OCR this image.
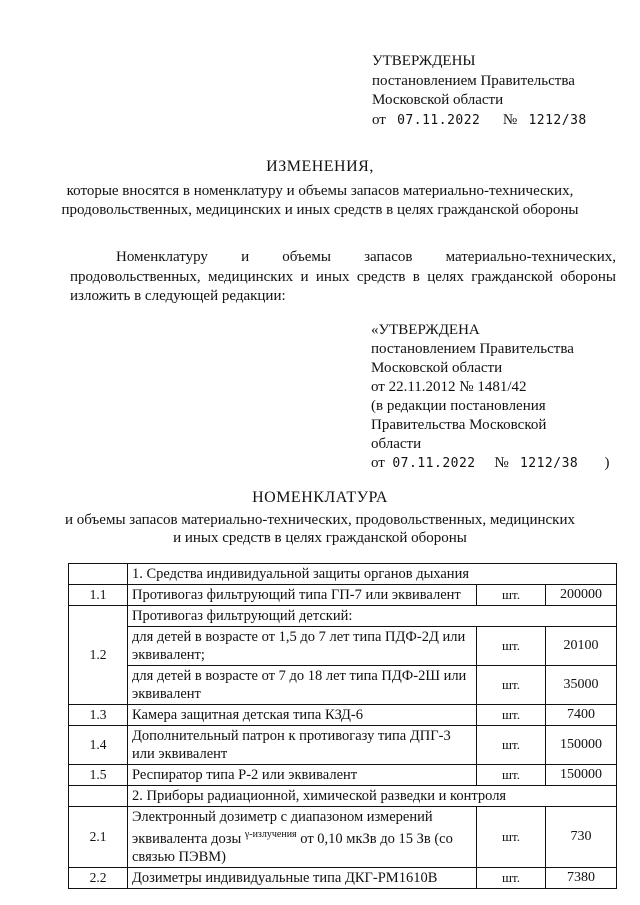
УТВЕРЖДЕНЫ
постановлением Правительства
Московской области
от 07.11.2022 № 1212/38
ИЗМЕНЕНИЯ,
которые вносятся в номенклатуру и объемы запасов материально-технических,
продовольственных, медицинских и иных средств в целях гражданской обороны
Номенклатуру и объемы запасов материально-технических,
продовольственных, медицинских и иных средств в целях гражданской обороны изложить в следующей редакции:
«УТВЕРЖДЕНА
постановлением Правительства
Московской области
от 22.11.2012 № 1481/42
(в редакции постановления
Правительства Московской
области
от 07.11.2022 № 1212/38 )
НОМЕНКЛАТУРА
и объемы запасов материально-технических, продовольственных, медицинских
и иных средств в целях гражданской обороны
	1. Средства индивидуальной защиты органов дыхания		
1.1	Противогаз фильтрующий типа ГП-7 или эквивалент	шт.	200000
1.2	Противогаз фильтрующий детский:		
	для детей в возрасте от 1,5 до 7 лет типа ПДФ-2Д или эквивалент;	шт.	20100
	для детей в возрасте от 7 до 18 лет типа ПДФ-2Ш или эквивалент	шт.	35000
1.3	Камера защитная детская типа КЗД-6	шт.	7400
1.4	Дополнительный патрон к противогазу типа ДПГ-3 или эквивалент	шт.	150000
1.5	Респиратор типа Р-2 или эквивалент	шт.	150000
	2. Приборы радиационной, химической разведки и контроля		
2.1	Электронный дозиметр с диапазоном измерений эквивалента дозы $^{\gamma-излучения}$ от 0,10 мкЗв до 15 Зв (со связью ПЭВМ)	шт.	730
2.2	Дозиметры индивидуальные типа ДКГ-РМ1610В	шт.	7380
